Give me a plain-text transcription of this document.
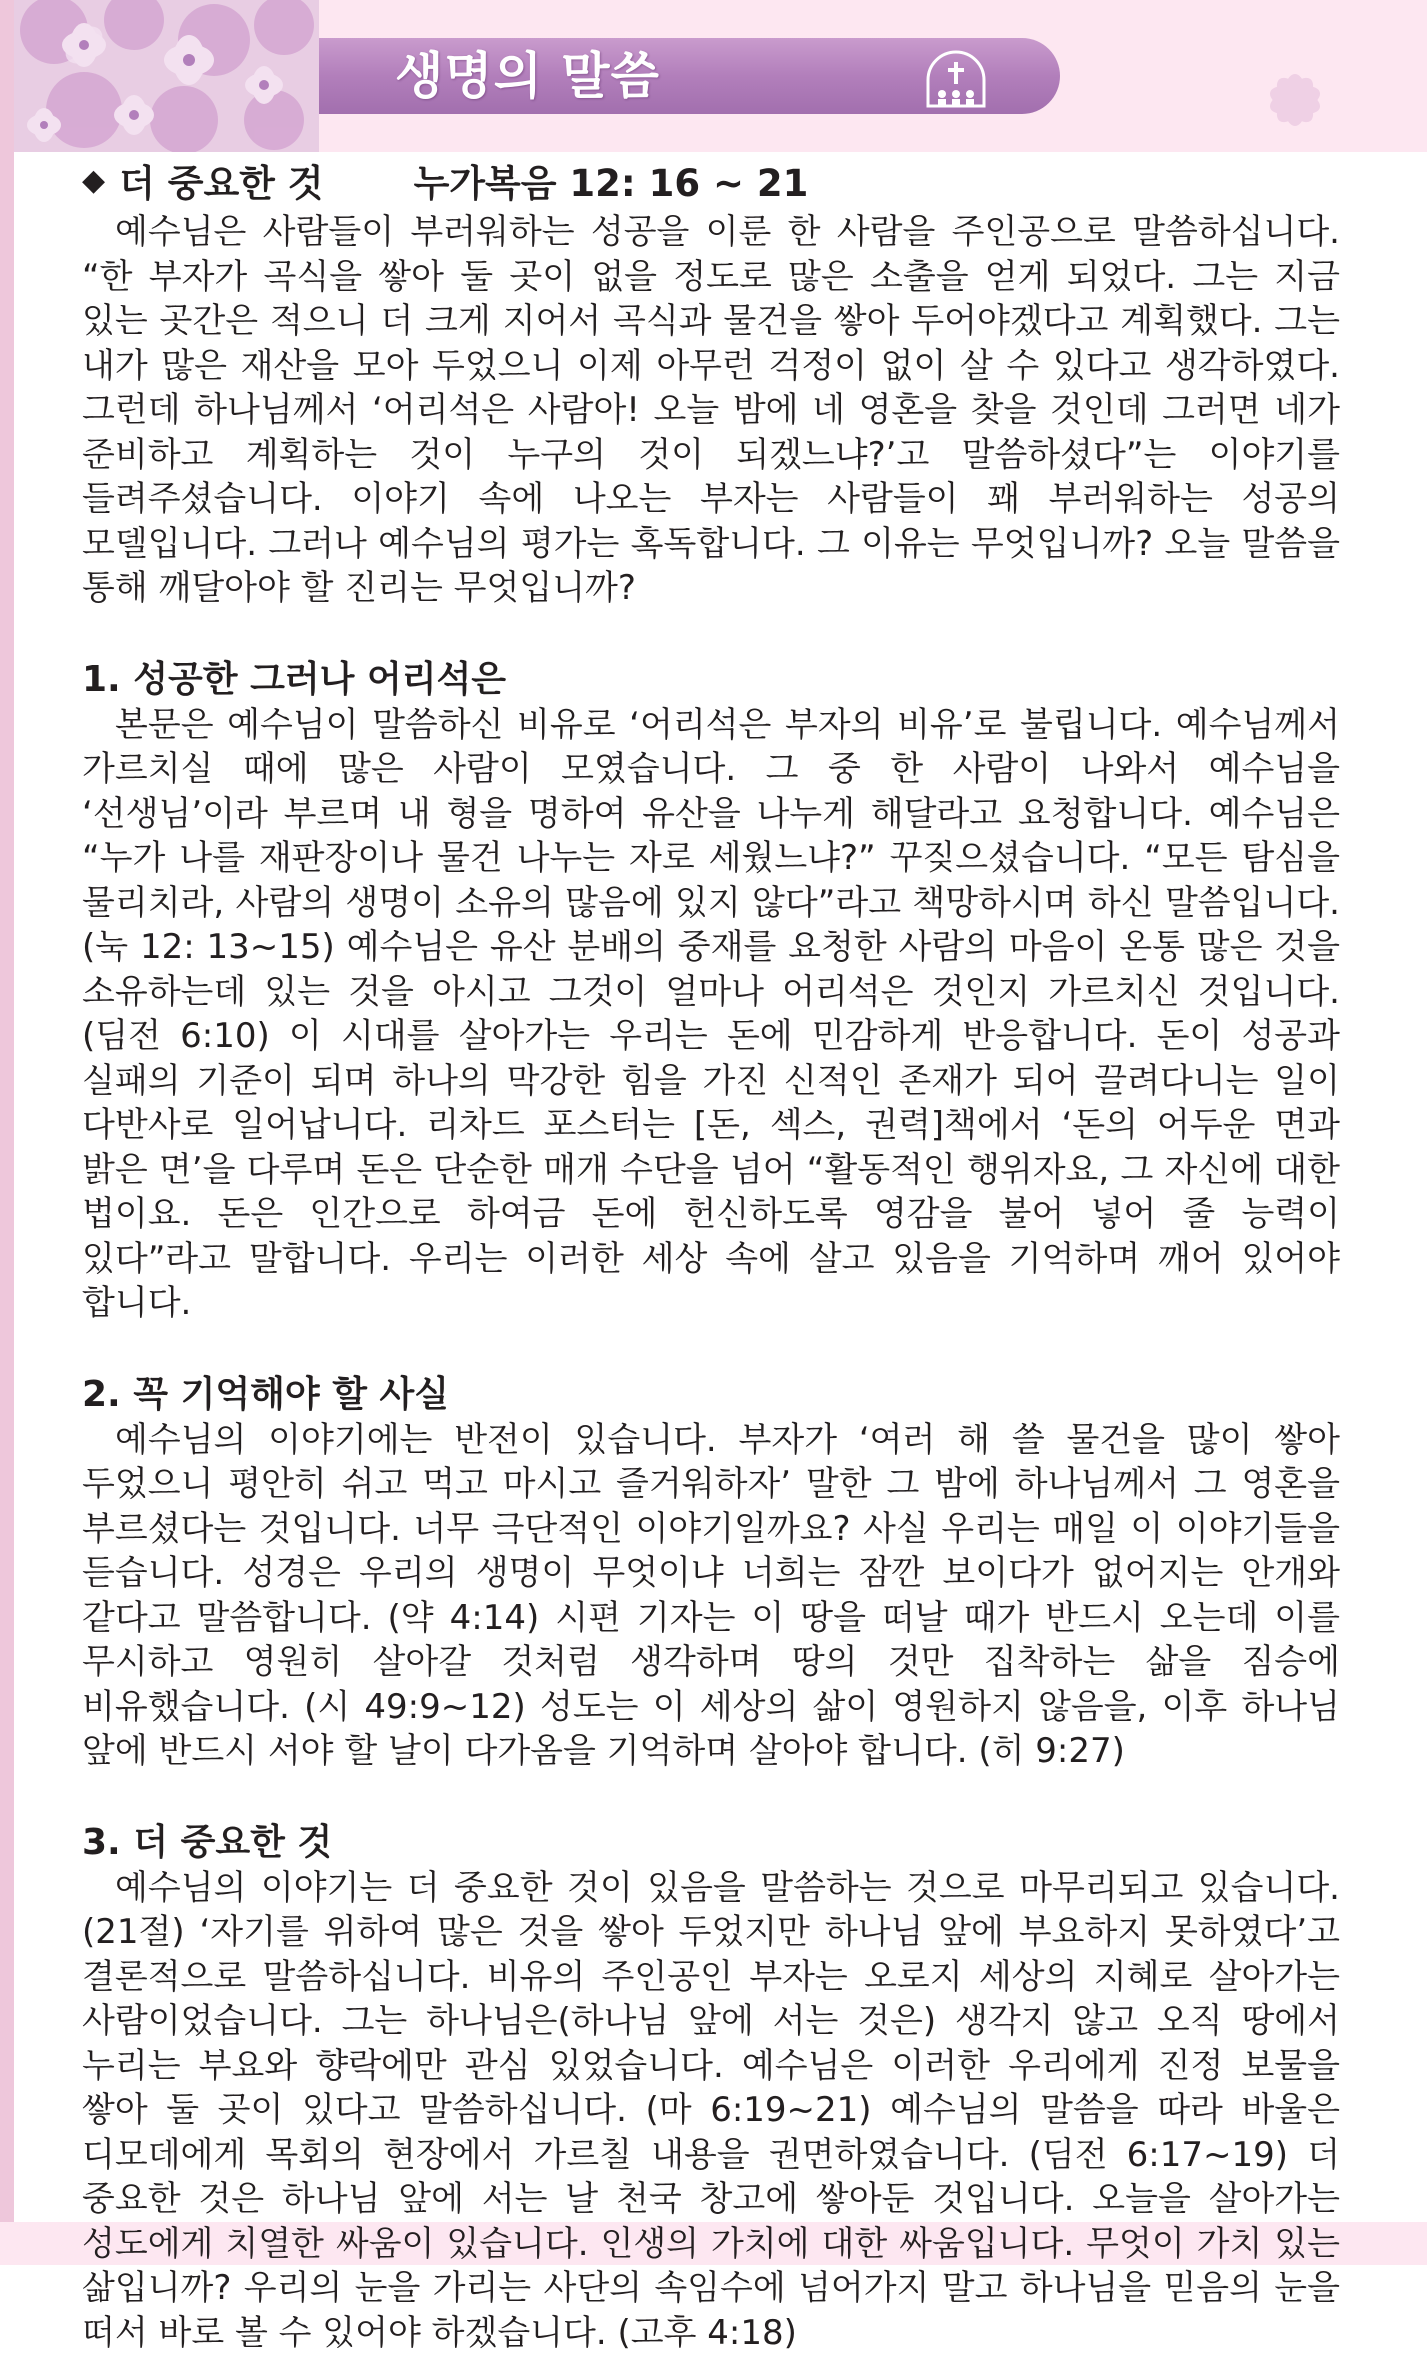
생명의 말씀
◆ 더 중요한 것 누가복음 12: 16 ~ 21

예수님은 사람들이 부러워하는 성공을 이룬 한 사람을 주인공으로 말씀하십니다. “한 부자가 곡식을 쌓아 둘 곳이 없을 정도로 많은 소출을 얻게 되었다. 그는 지금 있는 곳간은 적으니 더 크게 지어서 곡식과 물건을 쌓아 두어야겠다고 계획했다. 그는 내가 많은 재산을 모아 두었으니 이제 아무런 걱정이 없이 살 수 있다고 생각하였다. 그런데 하나님께서 ‘어리석은 사람아! 오늘 밤에 네 영혼을 찾을 것인데 그러면 네가 준비하고 계획하는 것이 누구의 것이 되겠느냐?’고 말씀하셨다”는 이야기를 들려주셨습니다. 이야기 속에 나오는 부자는 사람들이 꽤 부러워하는 성공의 모델입니다. 그러나 예수님의 평가는 혹독합니다. 그 이유는 무엇입니까? 오늘 말씀을 통해 깨달아야 할 진리는 무엇입니까?

1. 성공한 그러나 어리석은

본문은 예수님이 말씀하신 비유로 ‘어리석은 부자의 비유’로 불립니다. 예수님께서 가르치실 때에 많은 사람이 모였습니다. 그 중 한 사람이 나와서 예수님을 ‘선생님’이라 부르며 내 형을 명하여 유산을 나누게 해달라고 요청합니다. 예수님은 “누가 나를 재판장이나 물건 나누는 자로 세웠느냐?” 꾸짖으셨습니다. “모든 탐심을 물리치라, 사람의 생명이 소유의 많음에 있지 않다”라고 책망하시며 하신 말씀입니다. (눅 12: 13~15) 예수님은 유산 분배의 중재를 요청한 사람의 마음이 온통 많은 것을 소유하는데 있는 것을 아시고 그것이 얼마나 어리석은 것인지 가르치신 것입니다. (딤전 6:10) 이 시대를 살아가는 우리는 돈에 민감하게 반응합니다. 돈이 성공과 실패의 기준이 되며 하나의 막강한 힘을 가진 신적인 존재가 되어 끌려다니는 일이 다반사로 일어납니다. 리차드 포스터는 [돈, 섹스, 권력]책에서 ‘돈의 어두운 면과 밝은 면’을 다루며 돈은 단순한 매개 수단을 넘어 “활동적인 행위자요, 그 자신에 대한 법이요. 돈은 인간으로 하여금 돈에 헌신하도록 영감을 불어 넣어 줄 능력이 있다”라고 말합니다. 우리는 이러한 세상 속에 살고 있음을 기억하며 깨어 있어야 합니다.

2. 꼭 기억해야 할 사실

예수님의 이야기에는 반전이 있습니다. 부자가 ‘여러 해 쓸 물건을 많이 쌓아 두었으니 평안히 쉬고 먹고 마시고 즐거워하자’ 말한 그 밤에 하나님께서 그 영혼을 부르셨다는 것입니다. 너무 극단적인 이야기일까요? 사실 우리는 매일 이 이야기들을 듣습니다. 성경은 우리의 생명이 무엇이냐 너희는 잠깐 보이다가 없어지는 안개와 같다고 말씀합니다. (약 4:14) 시편 기자는 이 땅을 떠날 때가 반드시 오는데 이를 무시하고 영원히 살아갈 것처럼 생각하며 땅의 것만 집착하는 삶을 짐승에 비유했습니다. (시 49:9~12) 성도는 이 세상의 삶이 영원하지 않음을, 이후 하나님 앞에 반드시 서야 할 날이 다가옴을 기억하며 살아야 합니다. (히 9:27)

3. 더 중요한 것

예수님의 이야기는 더 중요한 것이 있음을 말씀하는 것으로 마무리되고 있습니다. (21절) ‘자기를 위하여 많은 것을 쌓아 두었지만 하나님 앞에 부요하지 못하였다’고 결론적으로 말씀하십니다. 비유의 주인공인 부자는 오로지 세상의 지혜로 살아가는 사람이었습니다. 그는 하나님은(하나님 앞에 서는 것은) 생각지 않고 오직 땅에서 누리는 부요와 향락에만 관심 있었습니다. 예수님은 이러한 우리에게 진정 보물을 쌓아 둘 곳이 있다고 말씀하십니다. (마 6:19~21) 예수님의 말씀을 따라 바울은 디모데에게 목회의 현장에서 가르칠 내용을 권면하였습니다. (딤전 6:17~19) 더 중요한 것은 하나님 앞에 서는 날 천국 창고에 쌓아둔 것입니다. 오늘을 살아가는 성도에게 치열한 싸움이 있습니다. 인생의 가치에 대한 싸움입니다. 무엇이 가치 있는 삶입니까? 우리의 눈을 가리는 사단의 속임수에 넘어가지 말고 하나님을 믿음의 눈을 떠서 바로 볼 수 있어야 하겠습니다. (고후 4:18)
